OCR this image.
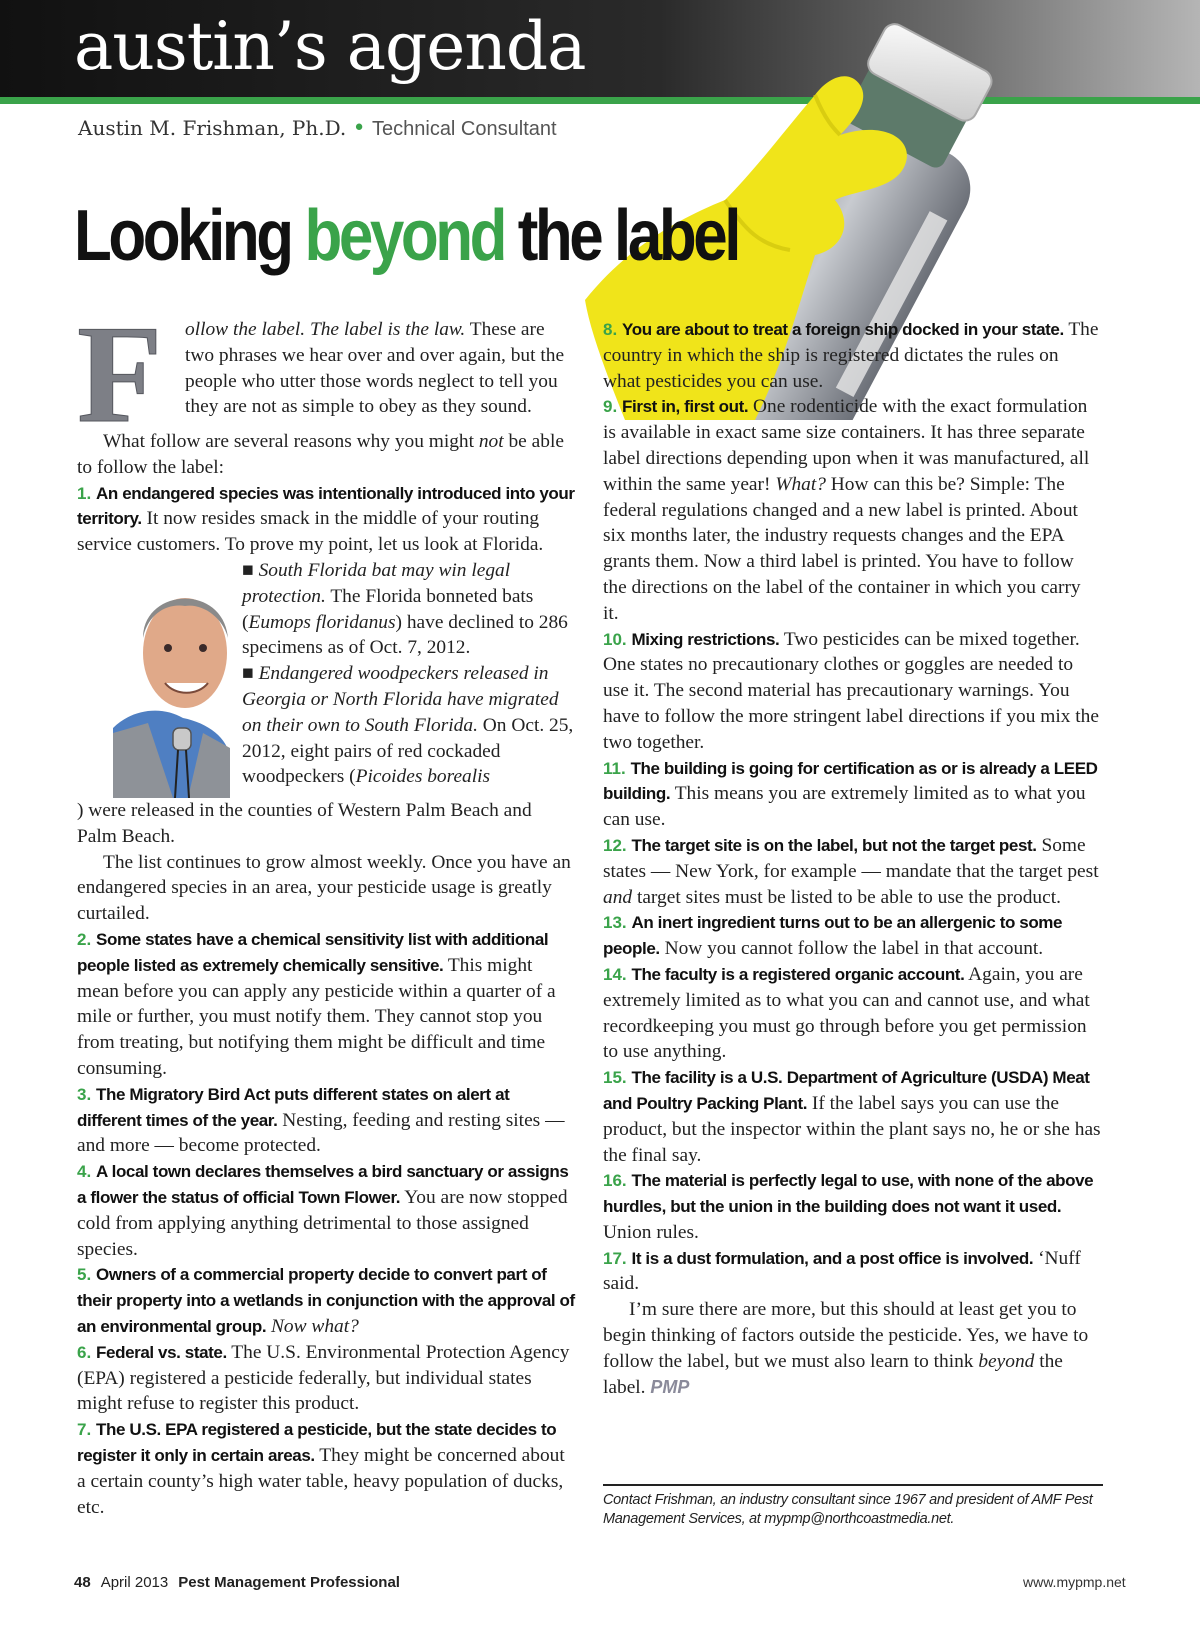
austin’s agenda
Austin M. Frishman, Ph.D. • Technical Consultant
Looking beyond the label

F ollow the label. The label is the law. These are two phrases we hear over and over again, but the people who utter those words neglect to tell you they are not as simple to obey as they sound.

What follow are several reasons why you might not be able to follow the label:

1. An endangered species was intentionally introduced into your territory. It now resides smack in the middle of your routing service customers. To prove my point, let us look at Florida.

■ South Florida bat may win legal protection. The Florida bonneted bats (Eumops floridanus) have declined to 286 specimens as of Oct. 7, 2012.

■ Endangered woodpeckers released in Georgia or North Florida have migrated on their own to South Florida. On Oct. 25, 2012, eight pairs of red cockaded woodpeckers (Picoides borealis

) were released in the counties of Western Palm Beach and Palm Beach.

The list continues to grow almost weekly. Once you have an endangered species in an area, your pesticide usage is greatly curtailed.

2. Some states have a chemical sensitivity list with additional people listed as extremely chemically sensitive. This might mean before you can apply any pesticide within a quarter of a mile or further, you must notify them. They cannot stop you from treating, but notifying them might be difficult and time consuming.

3. The Migratory Bird Act puts different states on alert at different times of the year. Nesting, feeding and resting sites — and more — become protected.

4. A local town declares themselves a bird sanctuary or assigns a flower the status of official Town Flower. You are now stopped cold from applying anything detrimental to those assigned species.

5. Owners of a commercial property decide to convert part of their property into a wetlands in conjunction with the approval of an environmental group. Now what?

6. Federal vs. state. The U.S. Environmental Protection Agency (EPA) registered a pesticide federally, but individual states might refuse to register this product.

7. The U.S. EPA registered a pesticide, but the state decides to register it only in certain areas. They might be concerned about a certain county’s high water table, heavy population of ducks, etc.

8. You are about to treat a foreign ship docked in your state. The country in which the ship is registered dictates the rules on what pesticides you can use.

9. First in, first out. One rodenticide with the exact formulation is available in exact same size containers. It has three separate label directions depending upon when it was manufactured, all within the same year! What? How can this be? Simple: The federal regulations changed and a new label is printed. About six months later, the industry requests changes and the EPA grants them. Now a third label is printed. You have to follow the directions on the label of the container in which you carry it.

10. Mixing restrictions. Two pesticides can be mixed together. One states no precautionary clothes or goggles are needed to use it. The second material has precautionary warnings. You have to follow the more stringent label directions if you mix the two together.

11. The building is going for certification as or is already a LEED building. This means you are extremely limited as to what you can use.

12. The target site is on the label, but not the target pest. Some states — New York, for example — mandate that the target pest and target sites must be listed to be able to use the product.

13. An inert ingredient turns out to be an allergenic to some people. Now you cannot follow the label in that account.

14. The faculty is a registered organic account. Again, you are extremely limited as to what you can and cannot use, and what recordkeeping you must go through before you get permission to use anything.

15. The facility is a U.S. Department of Agriculture (USDA) Meat and Poultry Packing Plant. If the label says you can use the product, but the inspector within the plant says no, he or she has the final say.

16. The material is perfectly legal to use, with none of the above hurdles, but the union in the building does not want it used. Union rules.

17. It is a dust formulation, and a post office is involved. ‘Nuff said.

I’m sure there are more, but this should at least get you to begin thinking of factors outside the pesticide. Yes, we have to follow the label, but we must also learn to think beyond the label. PMP

Contact Frishman, an industry consultant since 1967 and president of AMF Pest Management Services, at mypmp@northcoastmedia.net.
48 April 2013 Pest Management Professional	www.mypmp.net
